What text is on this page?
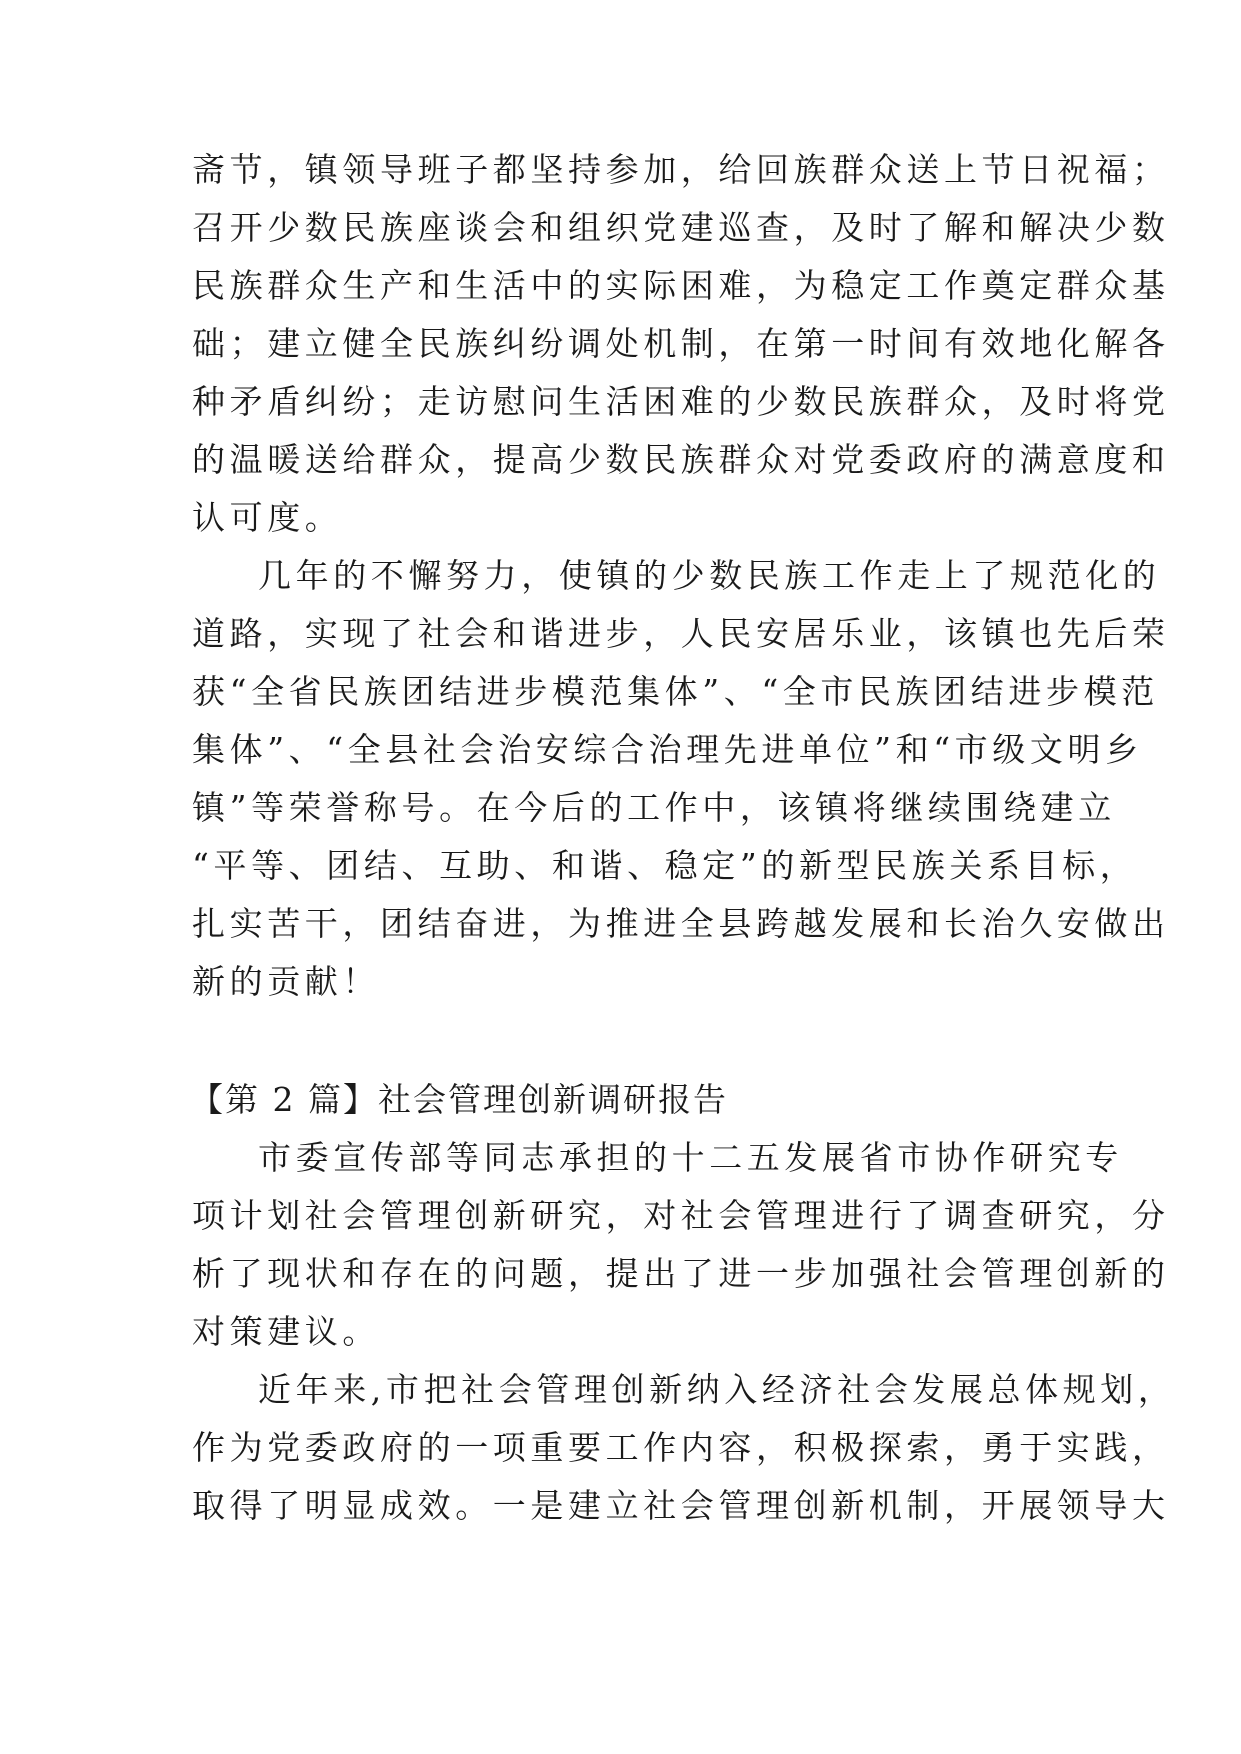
斋节，镇领导班子都坚持参加，给回族群众送上节日祝福；
召开少数民族座谈会和组织党建巡查，及时了解和解决少数
民族群众生产和生活中的实际困难，为稳定工作奠定群众基
础；建立健全民族纠纷调处机制，在第一时间有效地化解各
种矛盾纠纷；走访慰问生活困难的少数民族群众，及时将党
的温暖送给群众，提高少数民族群众对党委政府的满意度和
认可度。
几年的不懈努力，使镇的少数民族工作走上了规范化的
道路，实现了社会和谐进步，人民安居乐业，该镇也先后荣
获“全省民族团结进步模范集体”、“全市民族团结进步模范
集体”、“全县社会治安综合治理先进单位”和“市级文明乡
镇”等荣誉称号。在今后的工作中，该镇将继续围绕建立
“平等、团结、互助、和谐、稳定”的新型民族关系目标，
扎实苦干，团结奋进，为推进全县跨越发展和长治久安做出
新的贡献！
【第 2 篇】社会管理创新调研报告
市委宣传部等同志承担的十二五发展省市协作研究专
项计划社会管理创新研究，对社会管理进行了调查研究，分
析了现状和存在的问题，提出了进一步加强社会管理创新的
对策建议。
近年来,市把社会管理创新纳入经济社会发展总体规划，
作为党委政府的一项重要工作内容，积极探索，勇于实践，
取得了明显成效。一是建立社会管理创新机制，开展领导大
